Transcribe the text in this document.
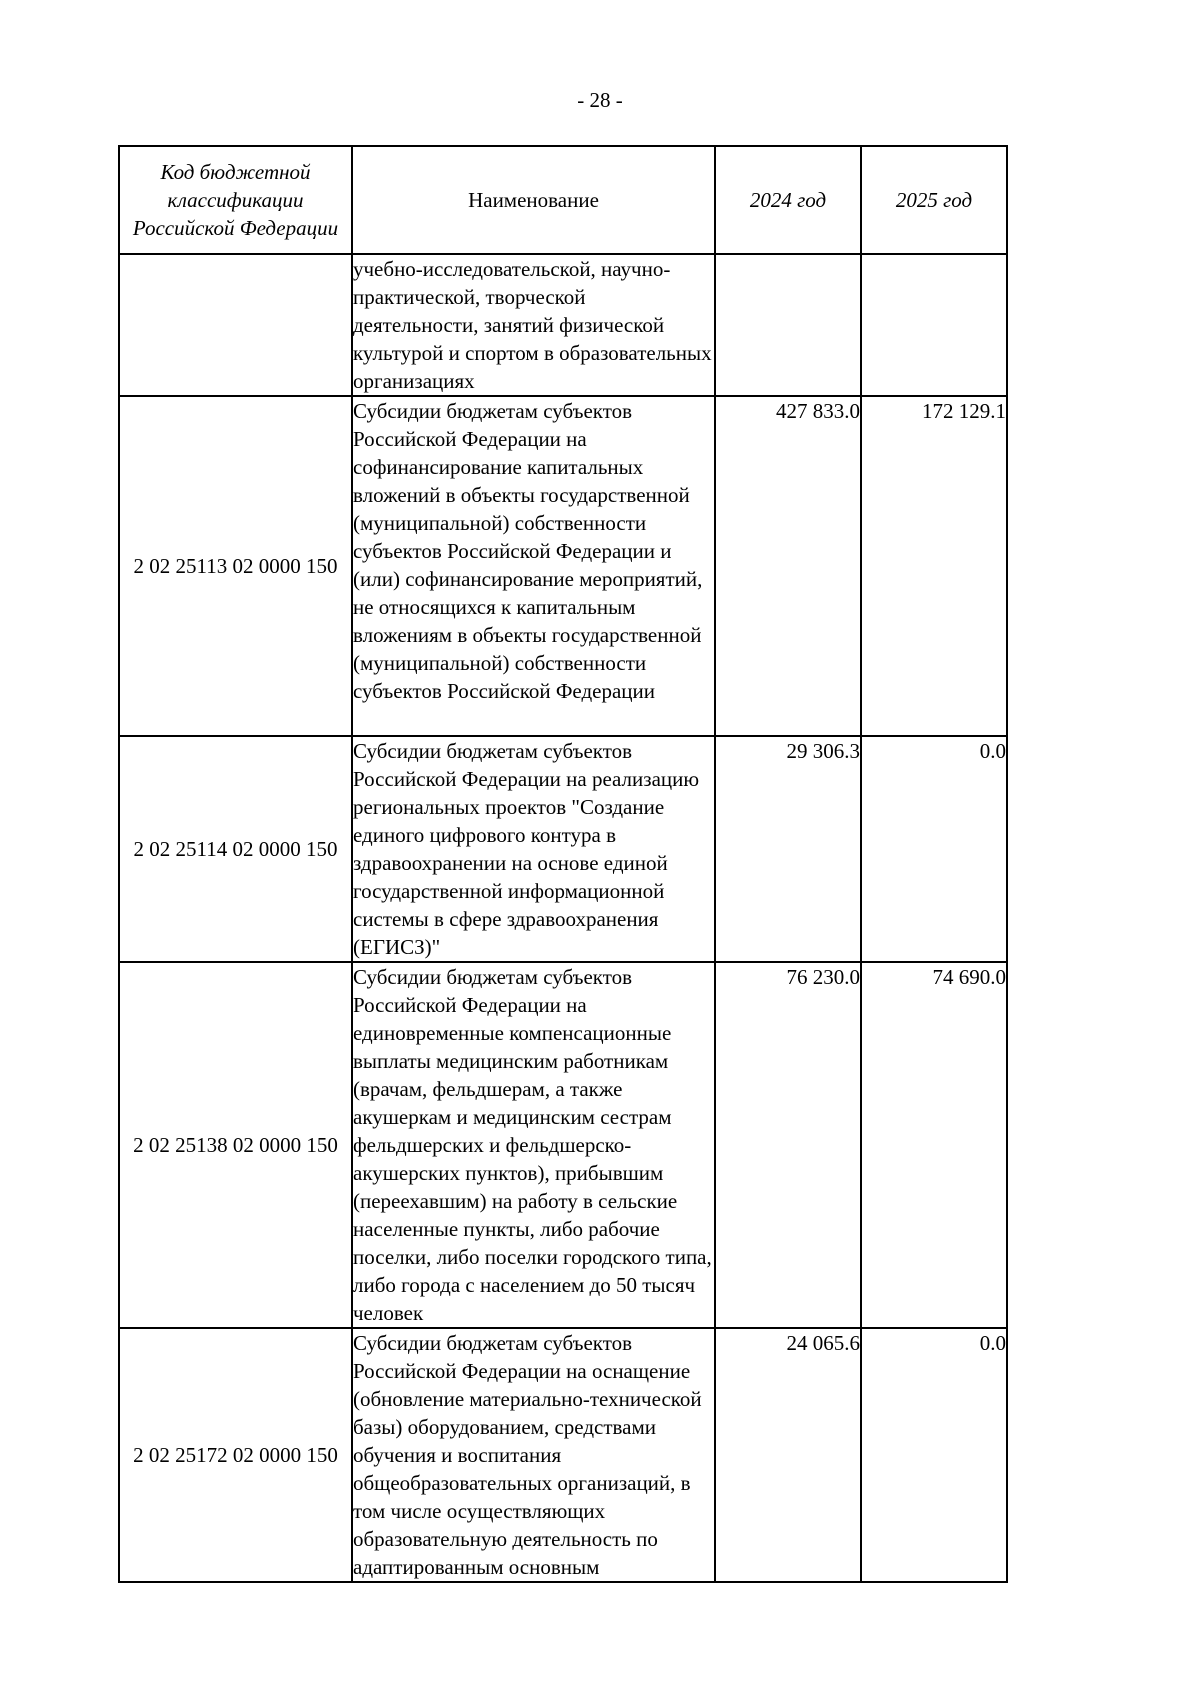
- 28 -
Код бюджетной классификации Российской Федерации	Наименование	2024 год	2025 год
	учебно-исследовательской, научно-практической, творческой деятельности, занятий физической культурой и спортом в образовательных организациях		
2 02 25113 02 0000 150	Субсидии бюджетам субъектов Российской Федерации на софинансирование капитальных вложений в объекты государственной (муниципальной) собственности субъектов Российской Федерации и (или) софинансирование мероприятий, не относящихся к капитальным вложениям в объекты государственной (муниципальной) собственности субъектов Российской Федерации	427 833.0	172 129.1
2 02 25114 02 0000 150	Субсидии бюджетам субъектов Российской Федерации на реализацию региональных проектов "Создание единого цифрового контура в здравоохранении на основе единой государственной информационной системы в сфере здравоохранения (ЕГИСЗ)"	29 306.3	0.0
2 02 25138 02 0000 150	Субсидии бюджетам субъектов Российской Федерации на единовременные компенсационные выплаты медицинским работникам (врачам, фельдшерам, а также акушеркам и медицинским сестрам фельдшерских и фельдшерско-акушерских пунктов), прибывшим (переехавшим) на работу в сельские населенные пункты, либо рабочие поселки, либо поселки городского типа, либо города с населением до 50 тысяч человек	76 230.0	74 690.0
2 02 25172 02 0000 150	Субсидии бюджетам субъектов Российской Федерации на оснащение (обновление материально-технической базы) оборудованием, средствами обучения и воспитания общеобразовательных организаций, в том числе осуществляющих образовательную деятельность по адаптированным основным	24 065.6	0.0
